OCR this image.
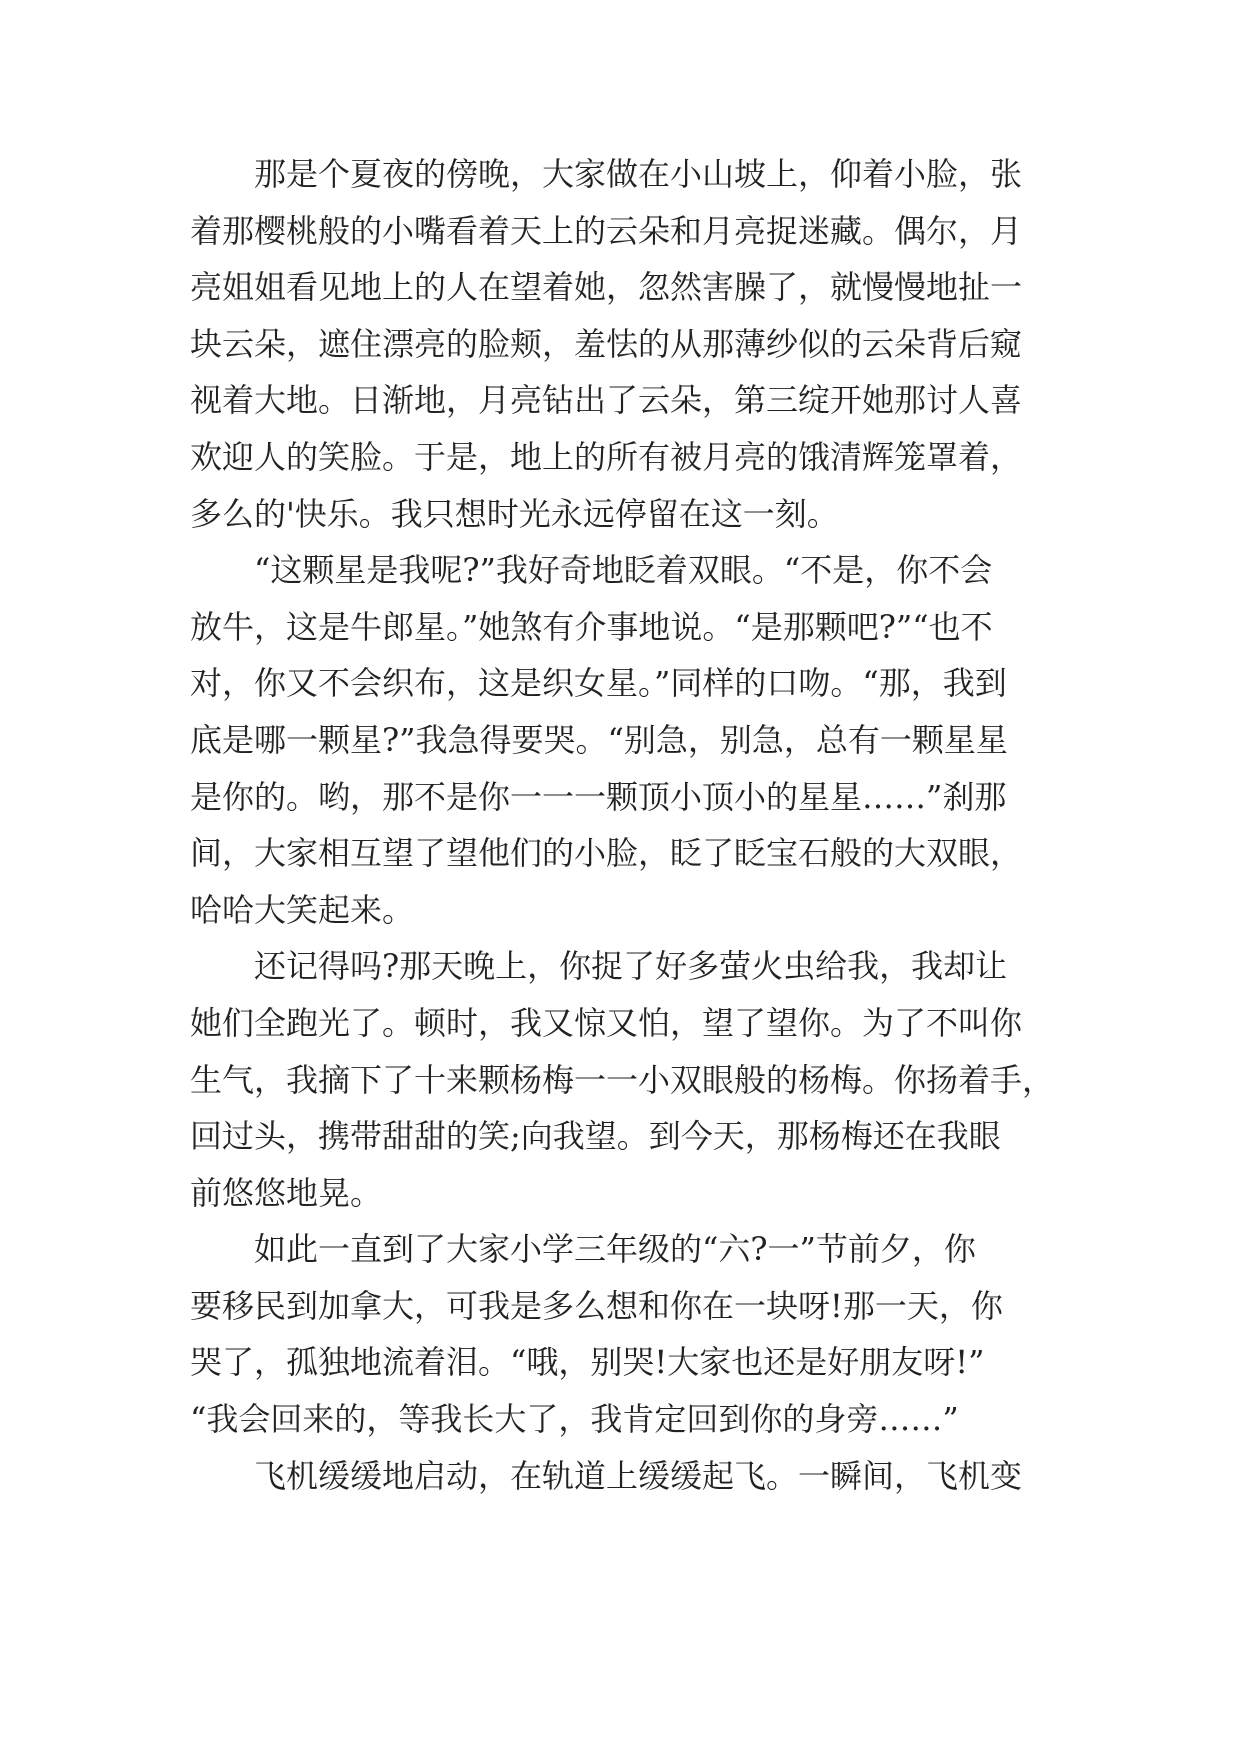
那是个夏夜的傍晚，大家做在小山坡上，仰着小脸，张
着那樱桃般的小嘴看着天上的云朵和月亮捉迷藏。偶尔，月
亮姐姐看见地上的人在望着她，忽然害臊了，就慢慢地扯一
块云朵，遮住漂亮的脸颊，羞怯的从那薄纱似的云朵背后窥
视着大地。日渐地，月亮钻出了云朵，第三绽开她那讨人喜
欢迎人的笑脸。于是，地上的所有被月亮的饿清辉笼罩着，
多么的'快乐。我只想时光永远停留在这一刻。
“这颗星是我呢?”我好奇地眨着双眼。“不是，你不会
放牛，这是牛郎星。”她煞有介事地说。“是那颗吧?”“也不
对，你又不会织布，这是织女星。”同样的口吻。“那，我到
底是哪一颗星?”我急得要哭。“别急，别急，总有一颗星星
是你的。哟，那不是你一一一颗顶小顶小的星星……”刹那
间，大家相互望了望他们的小脸，眨了眨宝石般的大双眼，
哈哈大笑起来。
还记得吗?那天晚上，你捉了好多萤火虫给我，我却让
她们全跑光了。顿时，我又惊又怕，望了望你。为了不叫你
生气，我摘下了十来颗杨梅一一小双眼般的杨梅。你扬着手，
回过头，携带甜甜的笑;向我望。到今天，那杨梅还在我眼
前悠悠地晃。
如此一直到了大家小学三年级的“六?一”节前夕，你
要移民到加拿大，可我是多么想和你在一块呀!那一天，你
哭了，孤独地流着泪。“哦，别哭!大家也还是好朋友呀!”
“我会回来的，等我长大了，我肯定回到你的身旁……”
飞机缓缓地启动，在轨道上缓缓起飞。一瞬间，飞机变
